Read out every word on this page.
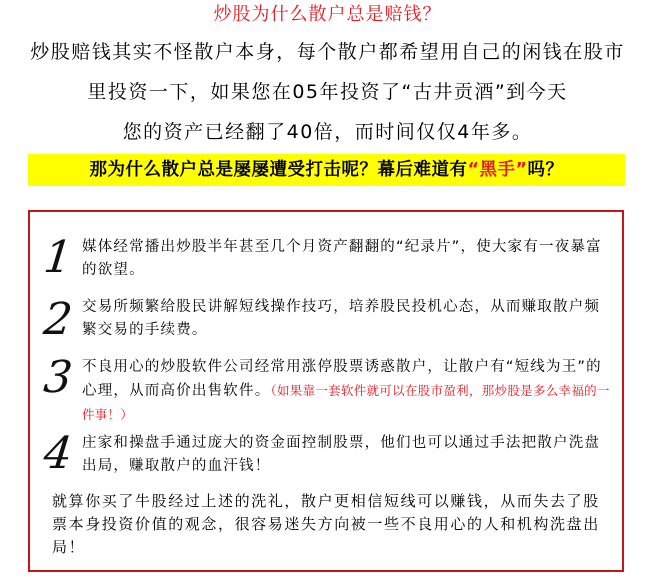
炒股为什么散户总是赔钱？
炒股赔钱其实不怪散户本身，每个散户都希望用自己的闲钱在股市
里投资一下，如果您在05年投资了“古井贡酒”到今天
您的资产已经翻了40倍，而时间仅仅4年多。
那为什么散户总是屡屡遭受打击呢？幕后难道有“黑手”吗？
1 媒体经常播出炒股半年甚至几个月资产翻翻的“纪录片”，使大家有一夜暴富的欲望。
2 交易所频繁给股民讲解短线操作技巧，培养股民投机心态，从而赚取散户频繁交易的手续费。
3 不良用心的炒股软件公司经常用涨停股票诱惑散户，让散户有“短线为王”的心理，从而高价出售软件。（如果靠一套软件就可以在股市盈利，那炒股是多么幸福的一件事！）
4 庄家和操盘手通过庞大的资金面控制股票，他们也可以通过手法把散户洗盘出局，赚取散户的血汗钱！
就算你买了牛股经过上述的洗礼，散户更相信短线可以赚钱，从而失去了股票本身投资价值的观念，很容易迷失方向被一些不良用心的人和机构洗盘出局！
